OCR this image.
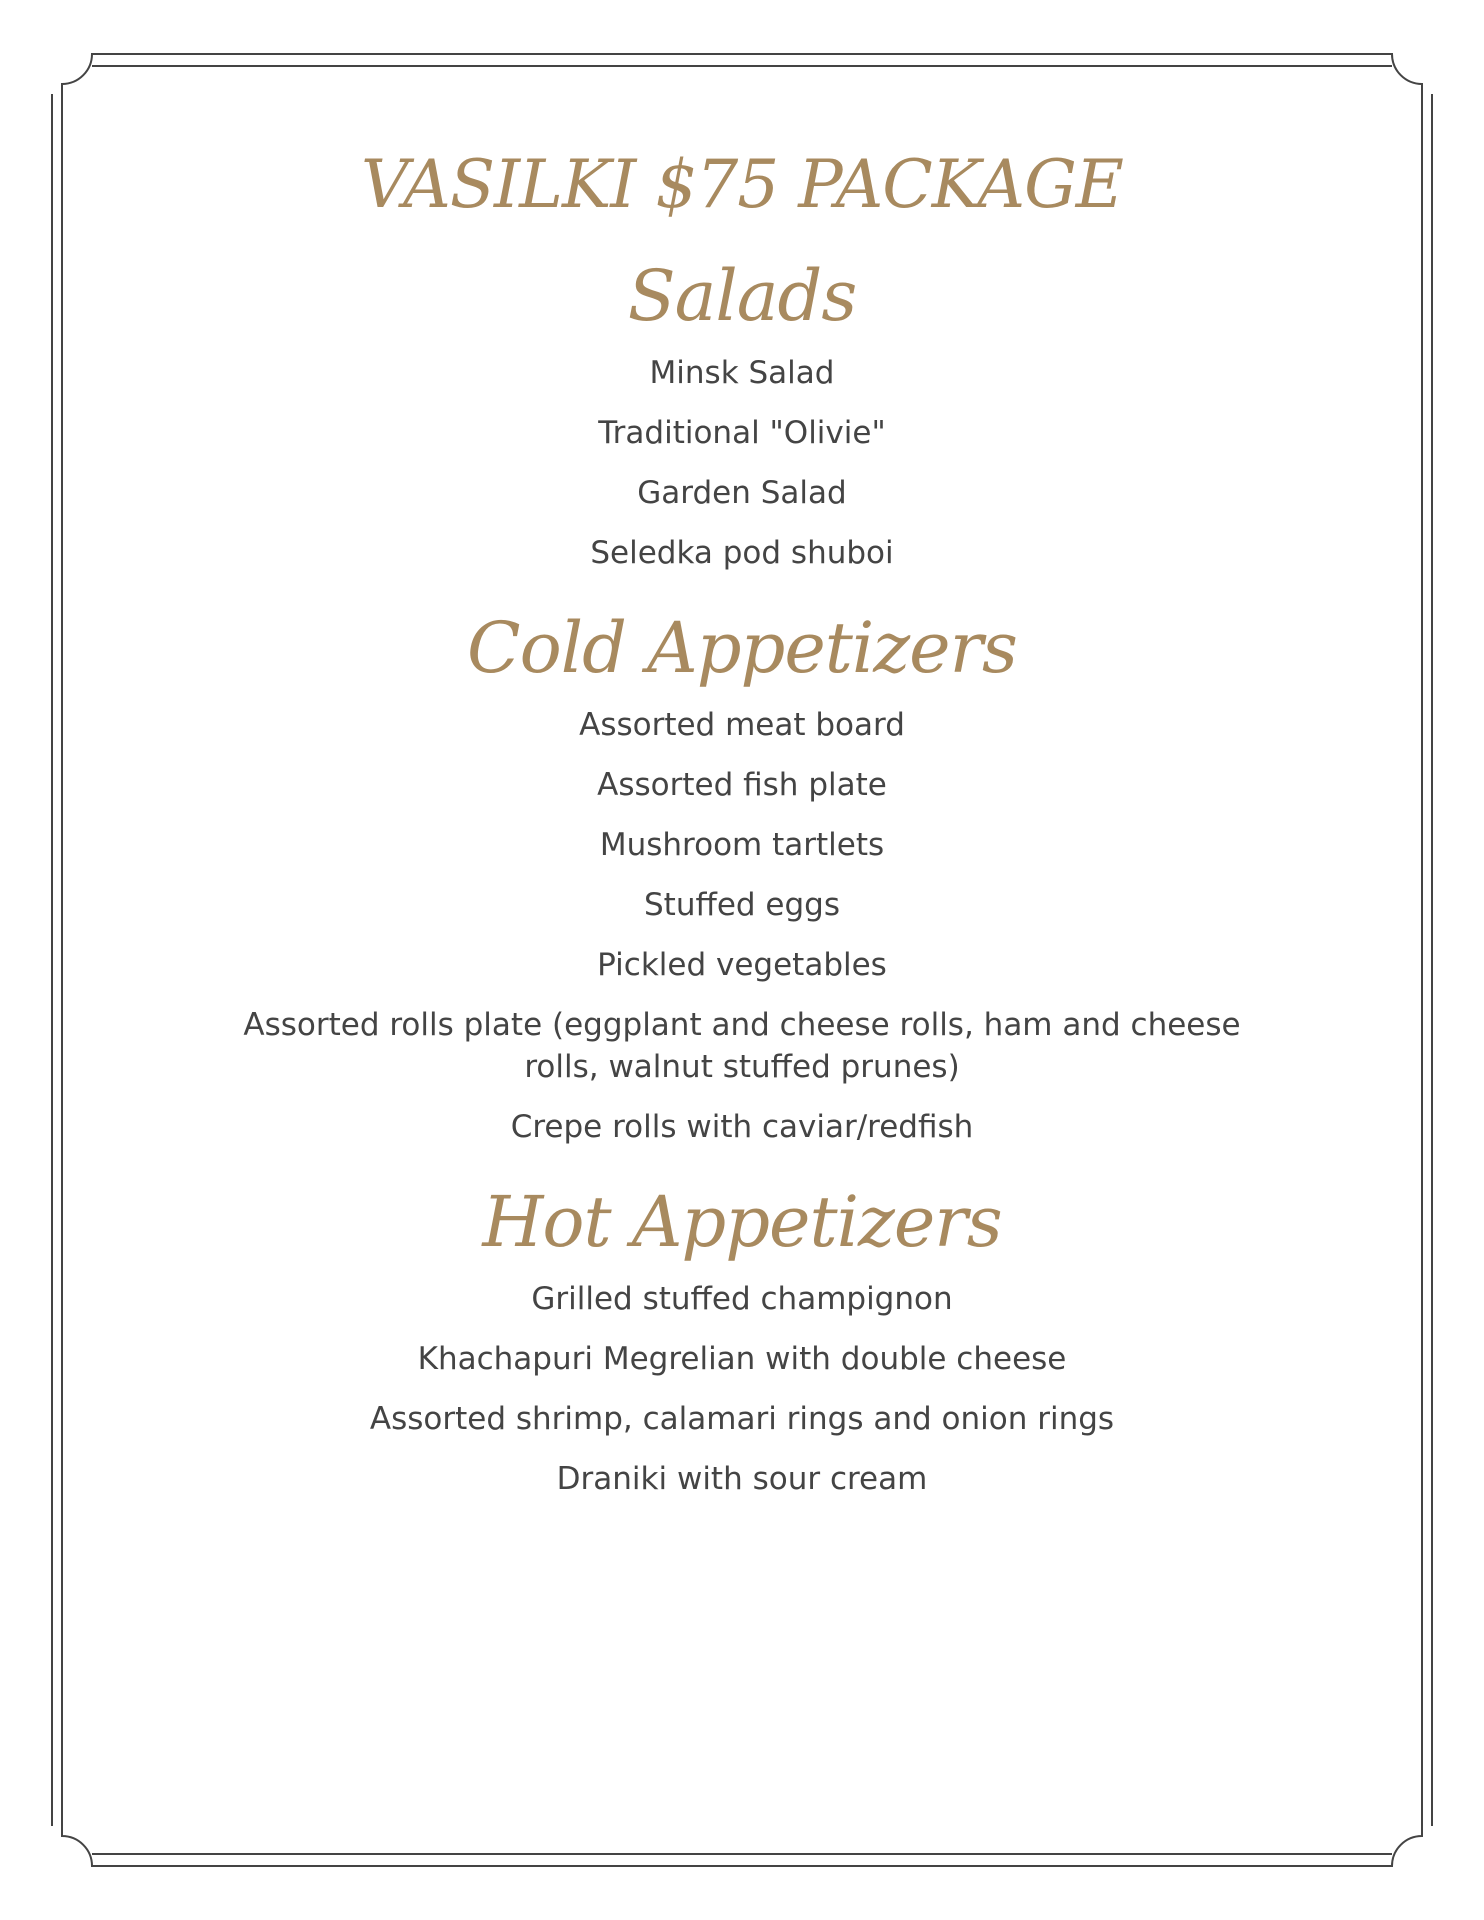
VASILKI $75 PACKAGE
Salads

Minsk Salad

Traditional "Olivie"

Garden Salad

Seledka pod shuboi

Cold Appetizers

Assorted meat board

Assorted fish plate

Mushroom tartlets

Stuffed eggs

Pickled vegetables

Assorted rolls plate (eggplant and cheese rolls, ham and cheese rolls, walnut stuffed prunes)

Crepe rolls with caviar/redfish

Hot Appetizers

Grilled stuffed champignon

Khachapuri Megrelian with double cheese

Assorted shrimp, calamari rings and onion rings

Draniki with sour cream
